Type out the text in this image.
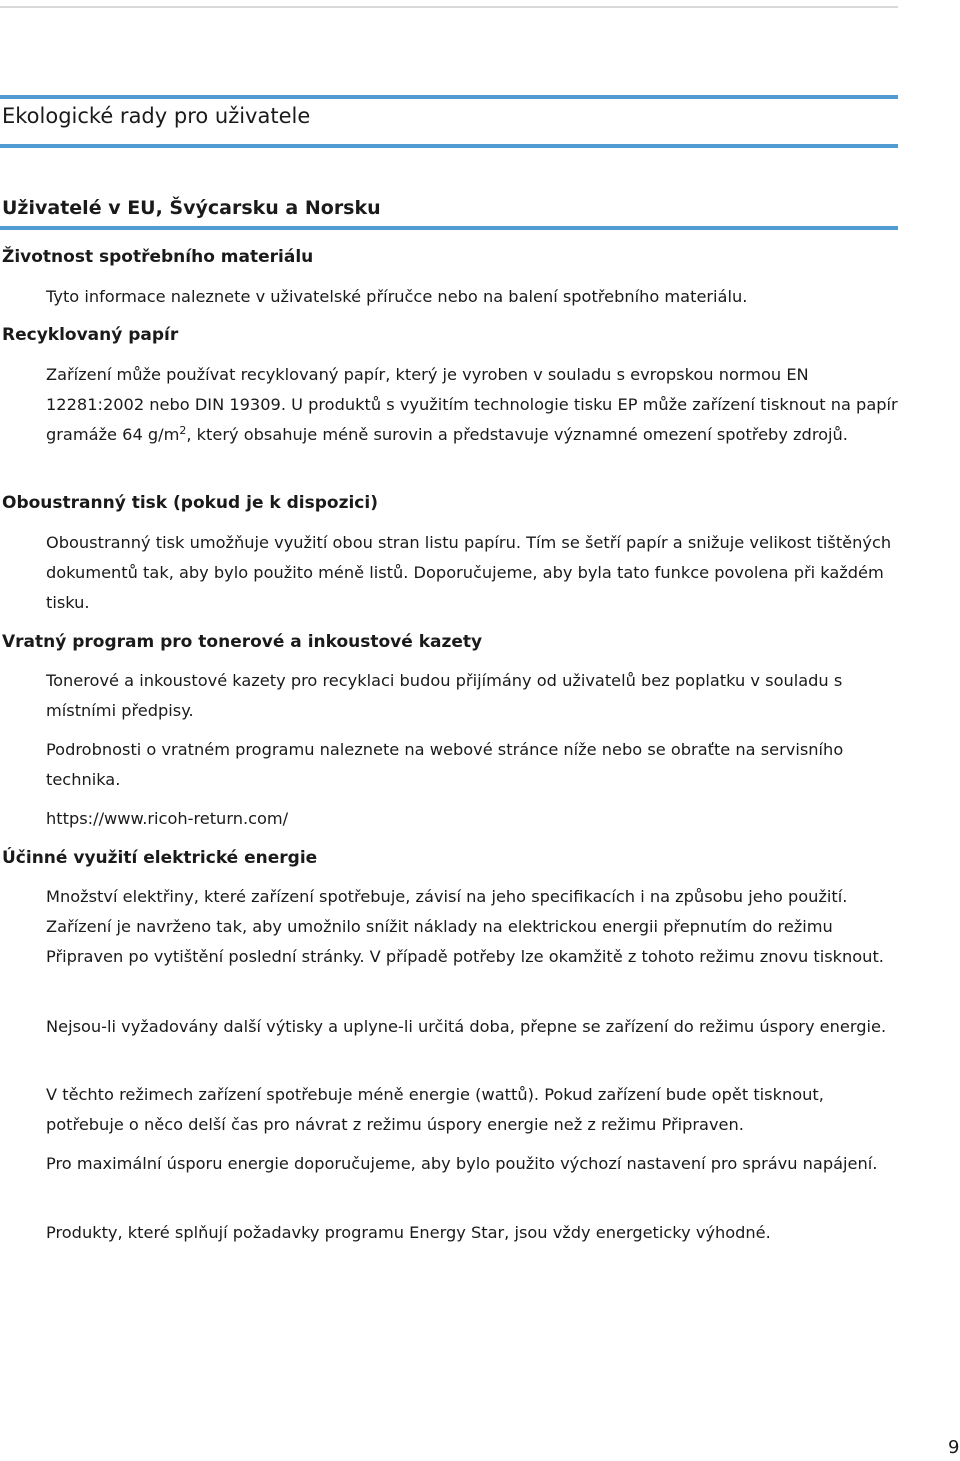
Ekologické rady pro uživatele
Uživatelé v EU, Švýcarsku a Norsku
Životnost spotřebního materiálu
Tyto informace naleznete v uživatelské příručce nebo na balení spotřebního materiálu.
Recyklovaný papír
Zařízení může používat recyklovaný papír, který je vyroben v souladu s evropskou normou EN 12281:2002 nebo DIN 19309. U produktů s využitím technologie tisku EP může zařízení tisknout na papír gramáže 64 $g/m^2$, který obsahuje méně surovin a představuje významné omezení spotřeby zdrojů.
Oboustranný tisk (pokud je k dispozici)
Oboustranný tisk umožňuje využití obou stran listu papíru. Tím se šetří papír a snižuje velikost tištěných dokumentů tak, aby bylo použito méně listů. Doporučujeme, aby byla tato funkce povolena při každém tisku.
Vratný program pro tonerové a inkoustové kazety
Tonerové a inkoustové kazety pro recyklaci budou přijímány od uživatelů bez poplatku v souladu s místními předpisy.
Podrobnosti o vratném programu naleznete na webové stránce níže nebo se obraťte na servisního technika.
https://www.ricoh-return.com/
Účinné využití elektrické energie
Množství elektřiny, které zařízení spotřebuje, závisí na jeho specifikacích i na způsobu jeho použití. Zařízení je navrženo tak, aby umožnilo snížit náklady na elektrickou energii přepnutím do režimu Připraven po vytištění poslední stránky. V případě potřeby lze okamžitě z tohoto režimu znovu tisknout.
Nejsou-li vyžadovány další výtisky a uplyne-li určitá doba, přepne se zařízení do režimu úspory energie.
V těchto režimech zařízení spotřebuje méně energie (wattů). Pokud zařízení bude opět tisknout, potřebuje o něco delší čas pro návrat z režimu úspory energie než z režimu Připraven.
Pro maximální úsporu energie doporučujeme, aby bylo použito výchozí nastavení pro správu napájení.
Produkty, které splňují požadavky programu Energy Star, jsou vždy energeticky výhodné.
9
